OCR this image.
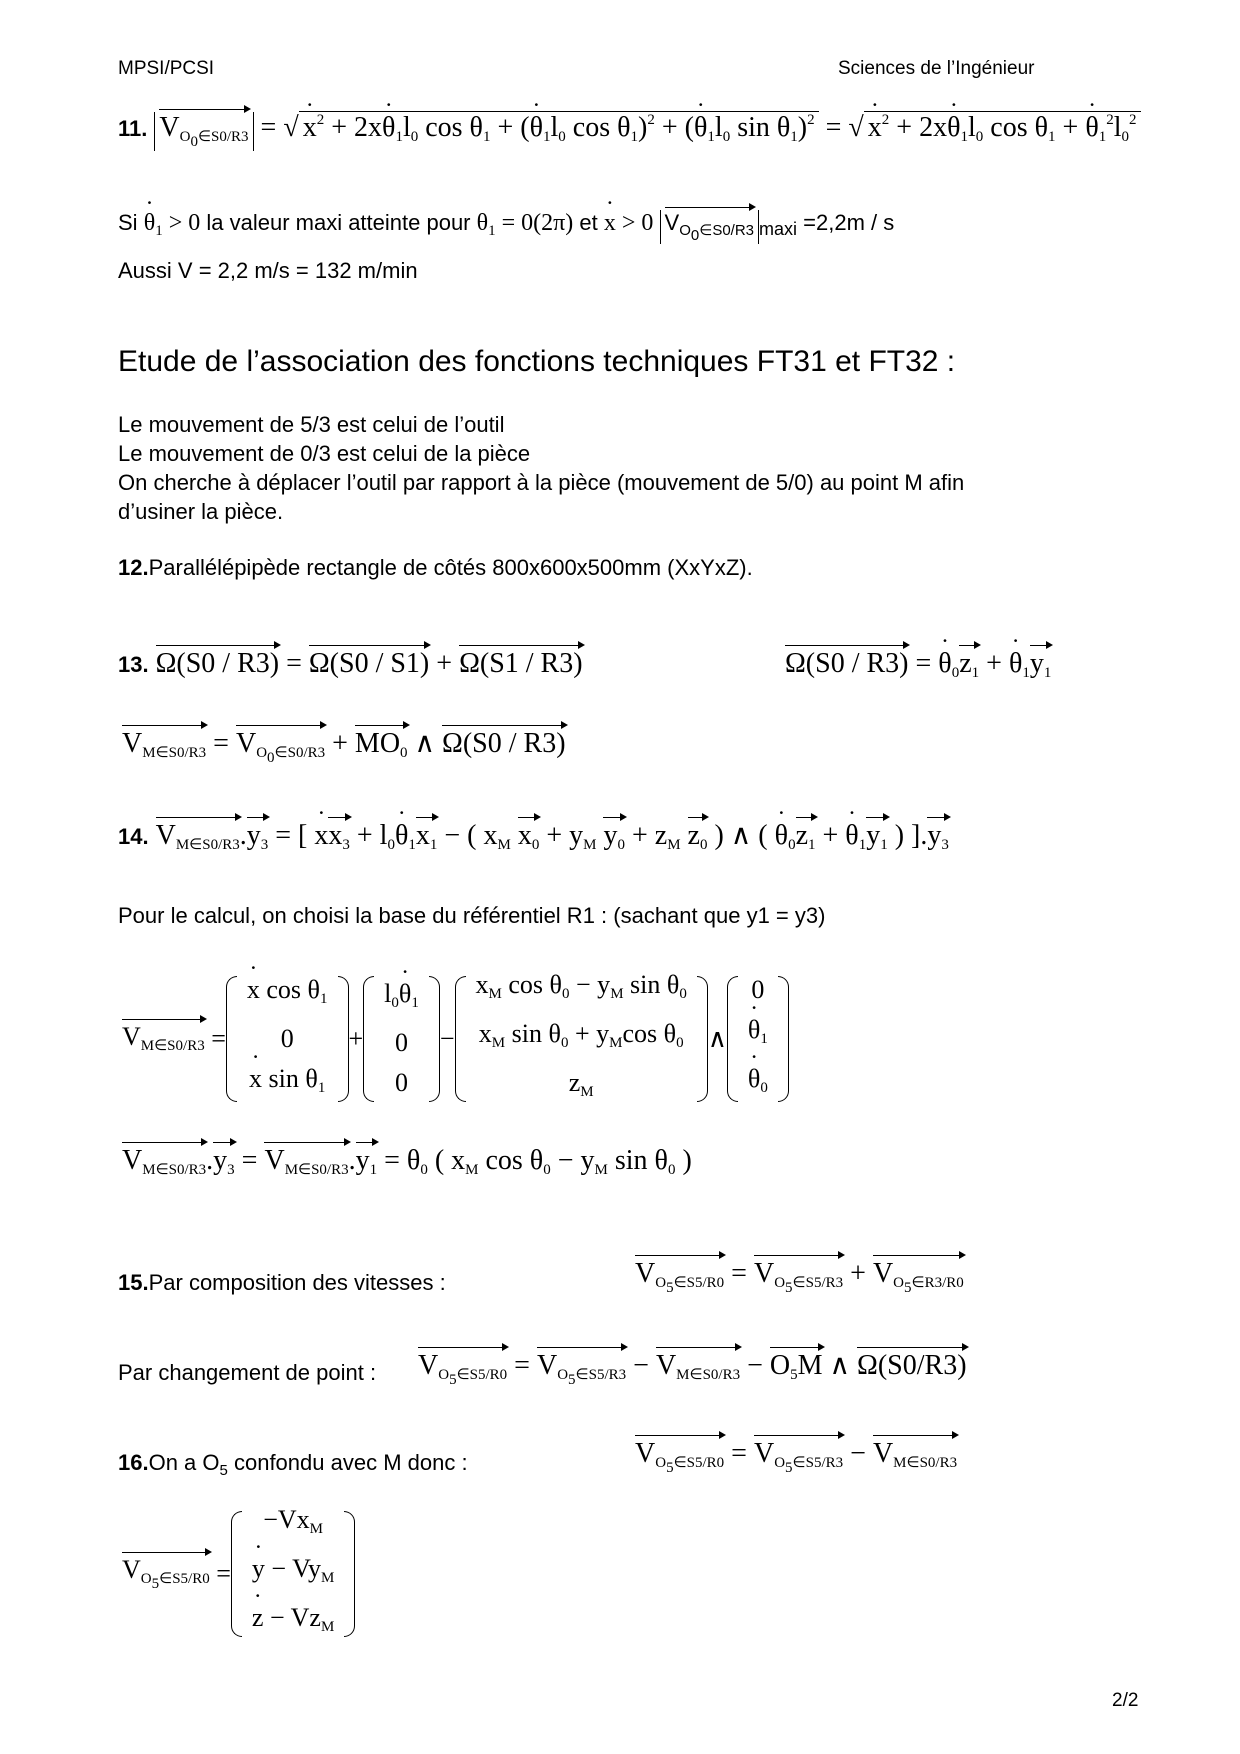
MPSI/PCSI	Sciences de l’Ingénieur
11. $V_{O_0\in S0/R3}$ = √ ˙ $x^2$ + 2x˙ $\theta_1l_0$ $\cos \theta_1$ + (˙ $\theta_1l_0$ $\cos \theta_1)^2$ + (˙ $\theta_1l_0$ $\sin \theta_1)^2$ = √ ˙ $x^2$ + 2x˙ $\theta_1l_0$ $\cos \theta_1$ + ˙ $\theta_1^2l_0^2$
Si ˙ $\theta_1 > 0$ la valeur maxi atteinte pour $\theta_1 = 0(2\pi)$ et ˙ x > 0 $V_{O_0\in S0/R3}$ $_{maxi}$ =2,2m / s
Aussi V = 2,2 m/s = 132 m/min
Etude de l’association des fonctions techniques FT31 et FT32 :
Le mouvement de 5/3 est celui de l’outil
Le mouvement de 0/3 est celui de la pièce
On cherche à déplacer l’outil par rapport à la pièce (mouvement de 5/0) au point M afin
d’usiner la pièce.
12.Parallélépipède rectangle de côtés 800x600x500mm (XxYxZ).
13. Ω(S0 / R3) = Ω(S0 / S1) + Ω(S1 / R3)	Ω(S0 / R3) = ˙ $\theta_0z_1$ + ˙ $\theta_1y_1$
$V_{M\in S0/R3} = V_{O_0\in S0/R3} + MO_0$ ∧ Ω(S0 / R3)
14. $V_{M\in S0/R3}.y_3$ = [ ˙ $xx_3$ + $l_0˙$ $\theta_1x_1$ − ( $x_M$ $x_0 + y_M$ $y_0 + z_M$ $z_0$ ) ∧ ( ˙ $\theta_0z_1$ + ˙ $\theta_1y_1$ ) ]$.y_3$
Pour le calcul, on choisi la base du référentiel R1 : (sachant que y1 = y3)
$V_{M\in S0/R3}$ =
˙ x $\cos \theta_1$
0
˙ x $\sin \theta_1$
+
$l_0˙$ $\theta_1$
0
0
−
$x_M$ $\cos \theta_0 - y_M$ $\sin \theta_0$
$x_M$ $\sin \theta_0 + y_M\cos$ $\theta_0$
$z_M$
∧
0
˙ $\theta_1$
˙ $\theta_0$
$V_{M\in S0/R3}.y_3 = V_{M\in S0/R3}.y_1 = \theta_0$ ( $x_M$ $\cos \theta_0 - y_M$ $\sin \theta_0$ )
15.Par composition des vitesses :	$V_{O_5\in S5/R0} = V_{O_5\in S5/R3} + V_{O_5\in R3/R0}$
Par changement de point : $V_{O_5\in S5/R0} = V_{O_5\in S5/R3} - V_{M\in S0/R3} - O_5M$ ∧ Ω(S0/R3)
16.On a $O_5$ confondu avec M donc :	$V_{O_5\in S5/R0} = V_{O_5\in S5/R3} - V_{M\in S0/R3}$
$V_{O_5\in S5/R0}$ =
$-Vx_M$
˙ $y - Vy_M$
˙ $z - Vz_M$
2/2
